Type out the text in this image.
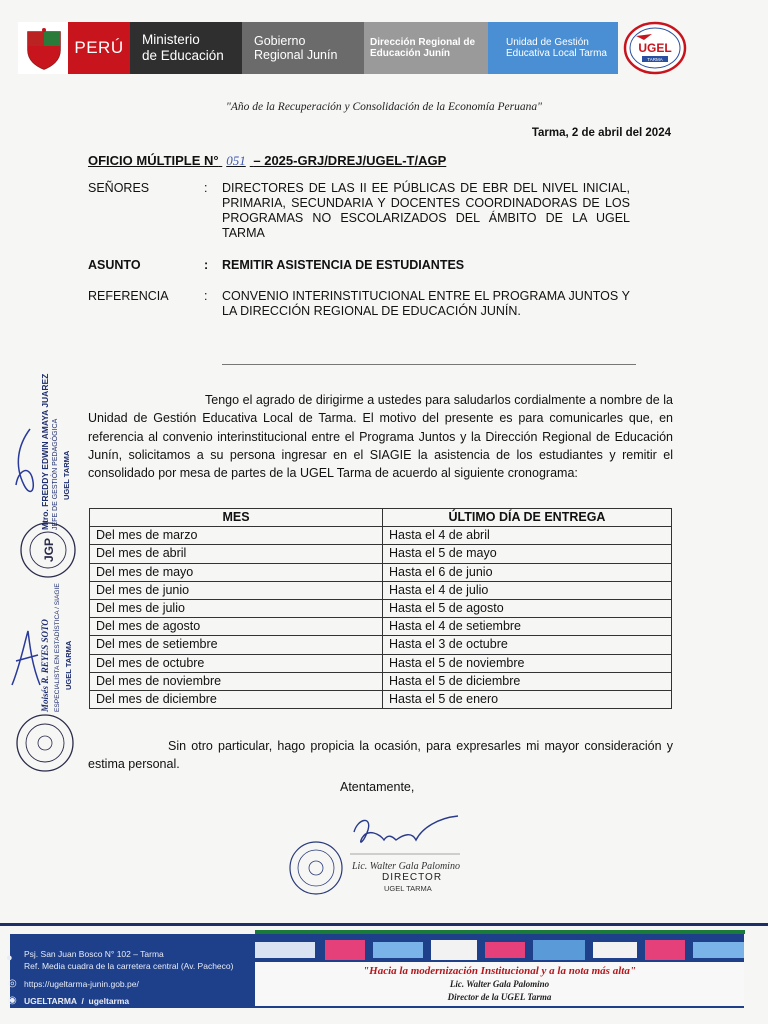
PERÚ	Ministerio
de Educación
Gobierno
Regional Junín
Dirección Regional de
Educación Junín
Unidad de Gestión
Educativa Local Tarma	UGEL
TARMA
"Año de la Recuperación y Consolidación de la Economía Peruana"
Tarma, 2 de abril del 2024
OFICIO MÚLTIPLE N° 051 – 2025-GRJ/DREJ/UGEL-T/AGP
SEÑORES	: DIRECTORES DE LAS II EE PÚBLICAS DE EBR DEL NIVEL INICIAL, PRIMARIA, SECUNDARIA Y DOCENTES COORDINADORAS DE LOS PROGRAMAS NO ESCOLARIZADOS DEL ÁMBITO DE LA UGEL TARMA
ASUNTO	: REMITIR ASISTENCIA DE ESTUDIANTES
REFERENCIA	: CONVENIO INTERINSTITUCIONAL ENTRE EL PROGRAMA JUNTOS Y LA DIRECCIÓN REGIONAL DE EDUCACIÓN JUNÍN.
Tengo el agrado de dirigirme a ustedes para saludarlos cordialmente a nombre de la Unidad de Gestión Educativa Local de Tarma. El motivo del presente es para comunicarles que, en referencia al convenio interinstitucional entre el Programa Juntos y la Dirección Regional de Educación Junín, solicitamos a su persona ingresar en el SIAGIE la asistencia de los estudiantes y remitir el consolidado por mesa de partes de la UGEL Tarma de acuerdo al siguiente cronograma:
MES	ÚLTIMO DÍA DE ENTREGA
Del mes de marzo	Hasta el 4 de abril
Del mes de abril	Hasta el 5 de mayo
Del mes de mayo	Hasta el 6 de junio
Del mes de junio	Hasta el 4 de julio
Del mes de julio	Hasta el 5 de agosto
Del mes de agosto	Hasta el 4 de setiembre
Del mes de setiembre	Hasta el 3 de octubre
Del mes de octubre	Hasta el 5 de noviembre
Del mes de noviembre	Hasta el 5 de diciembre
Del mes de diciembre	Hasta el 5 de enero
Sin otro particular, hago propicia la ocasión, para expresarles mi mayor consideración y estima personal.
Atentamente,
Lic. Walter Gala Palomino
DIRECTOR
UGEL TARMA
Mtro. FREDDY EDWIN AMAYA JUAREZ JEFE DE GESTIÓN PEDAGÓGICA UGEL TARMA
JGP
Moisés R. REYES SOTO ESPECIALISTA EN ESTADÍSTICA / SIAGIE UGEL TARMA
"Hacia la modernización Institucional y a la nota más alta"
Lic. Walter Gala Palomino
Director de la UGEL Tarma
● Psj. San Juan Bosco N° 102 – Tarma
Ref. Media cuadra de la carretera central (Av. Pacheco)
◎ https://ugeltarma-junin.gob.pe/
◉ UGELTARMA  /  ugeltarma
